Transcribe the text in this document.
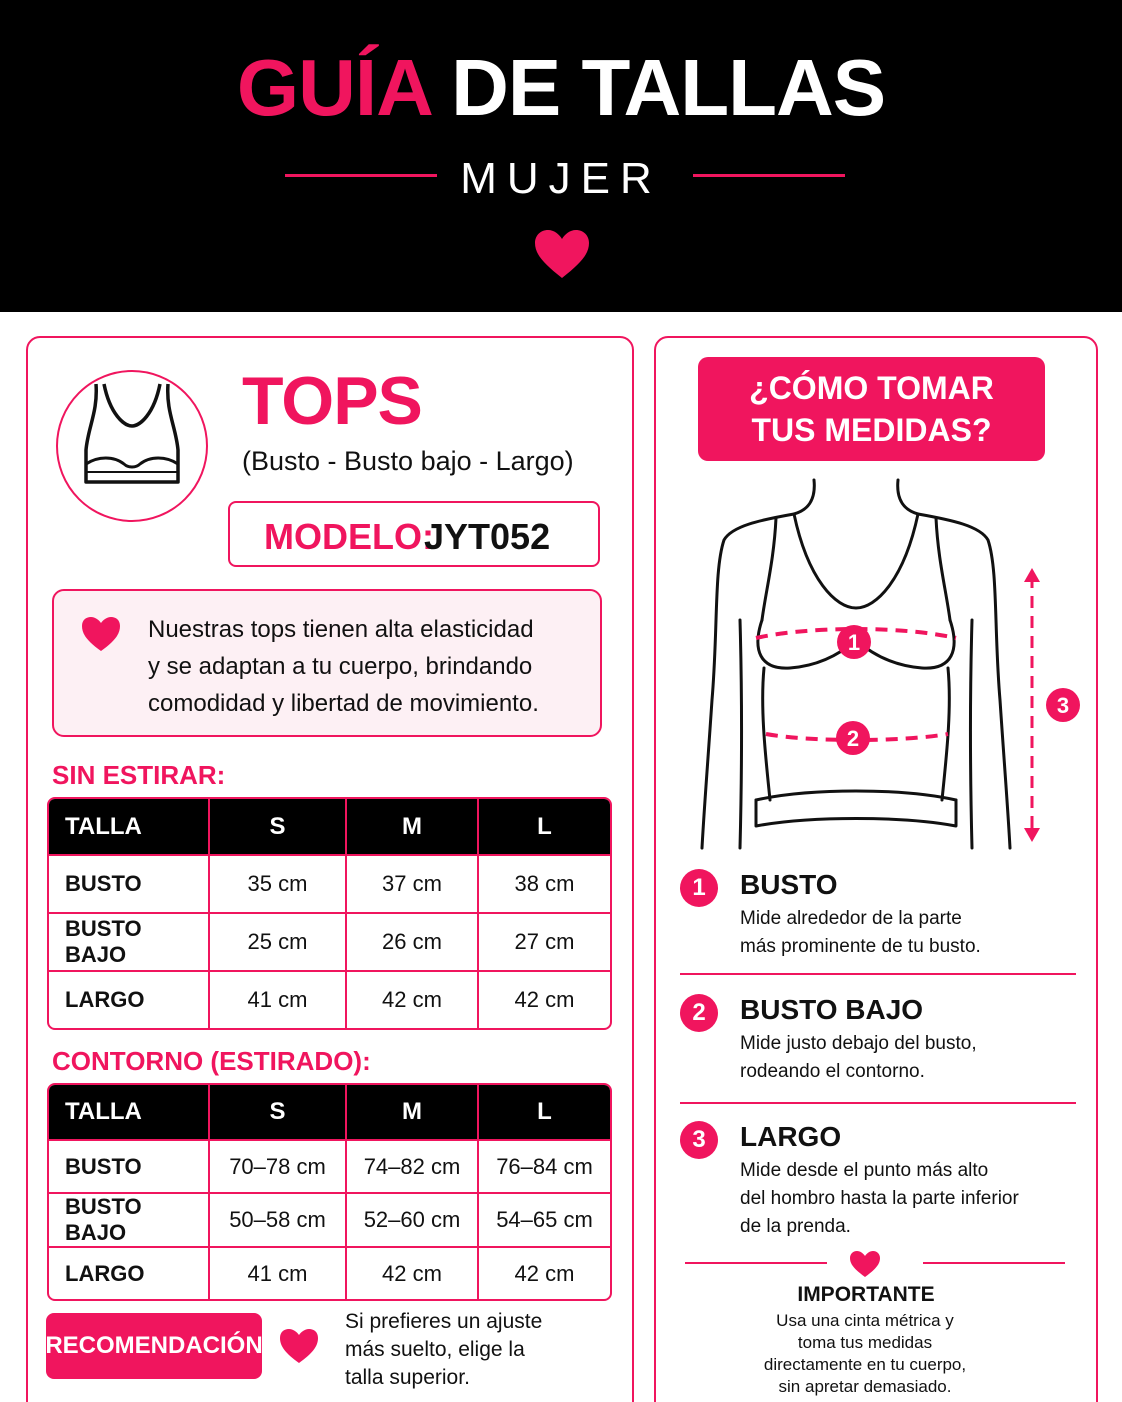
GUÍA DE TALLAS
MUJER
TOPS
(Busto - Busto bajo - Largo)
MODELO:
JYT052
Nuestras tops tienen alta elasticidad
y se adaptan a tu cuerpo, brindando
comodidad y libertad de movimiento.
SIN ESTIRAR:
TALLA	S	M	L
BUSTO	35 cm	37 cm	38 cm
BUSTO BAJO	25 cm	26 cm	27 cm
LARGO	41 cm	42 cm	42 cm
CONTORNO (ESTIRADO):
TALLA	S	M	L
BUSTO	70–78 cm	74–82 cm	76–84 cm
BUSTO BAJO	50–58 cm	52–60 cm	54–65 cm
LARGO	41 cm	42 cm	42 cm
RECOMENDACIÓN
Si prefieres un ajuste
más suelto, elige la
talla superior.
¿CÓMO TOMAR
TUS MEDIDAS?
1
2
3
1	BUSTO
Mide alrededor de la parte
más prominente de tu busto.
2	BUSTO BAJO
Mide justo debajo del busto,
rodeando el contorno.
3	LARGO
Mide desde el punto más alto
del hombro hasta la parte inferior
de la prenda.
IMPORTANTE
Usa una cinta métrica y
toma tus medidas
directamente en tu cuerpo,
sin apretar demasiado.
